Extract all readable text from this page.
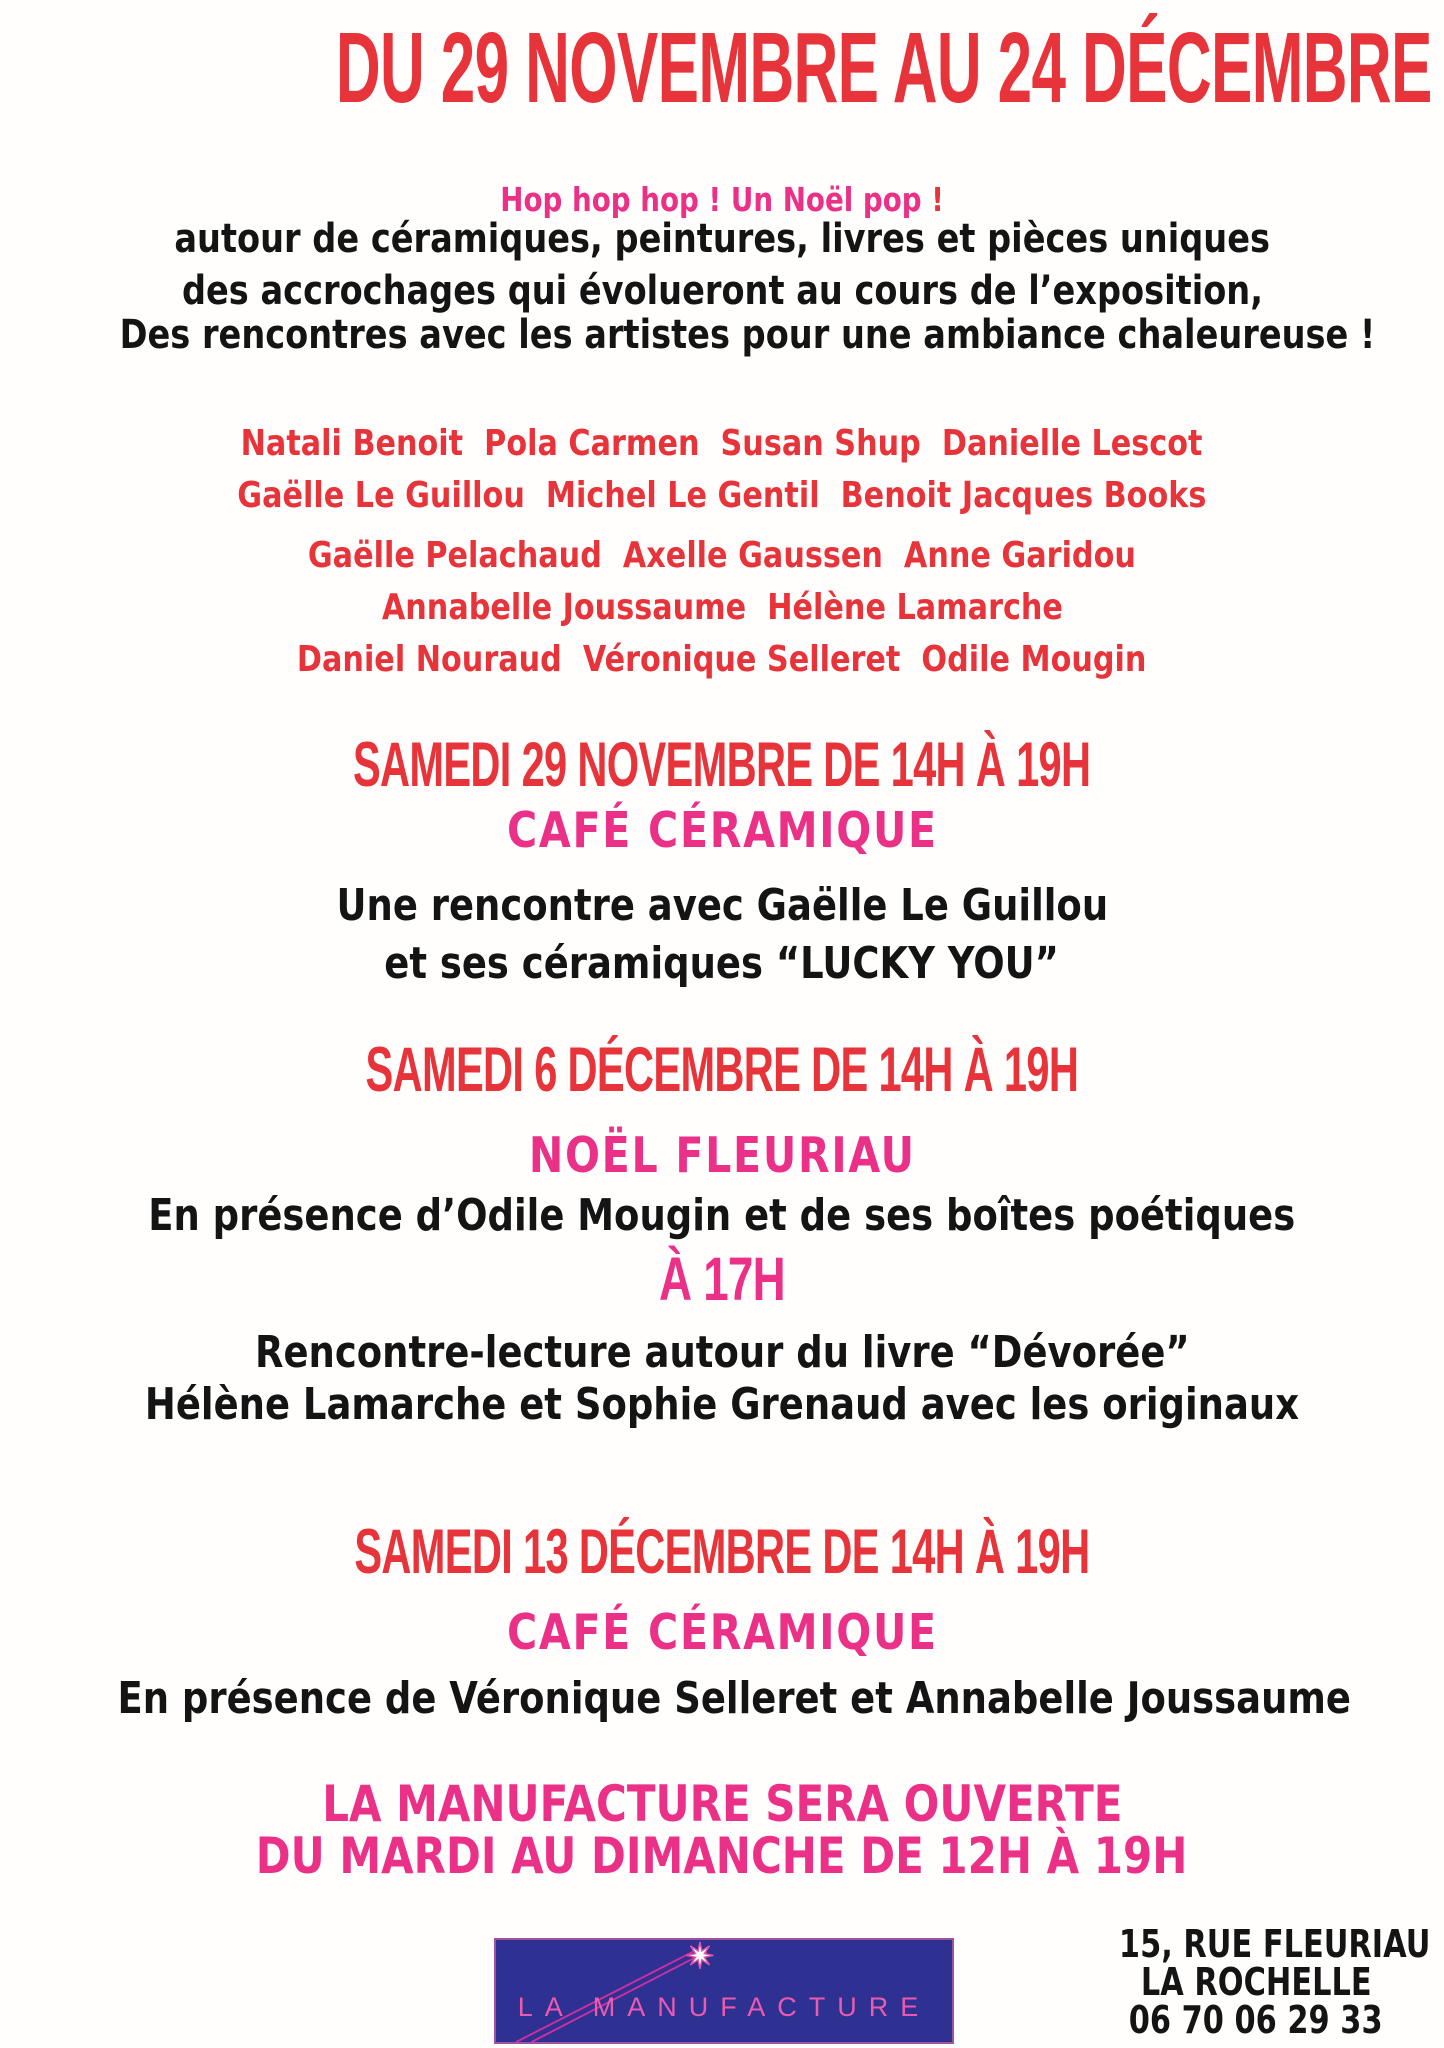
DU 29 NOVEMBRE AU 24 DÉCEMBRE
Hop hop hop ! Un Noël pop !
autour de céramiques, peintures, livres et pièces uniques
des accrochages qui évolueront au cours de l’exposition,
Des rencontres avec les artistes pour une ambiance chaleureuse !
Natali Benoit  Pola Carmen  Susan Shup  Danielle Lescot
Gaëlle Le Guillou  Michel Le Gentil  Benoit Jacques Books
Gaëlle Pelachaud  Axelle Gaussen  Anne Garidou
Annabelle Joussaume  Hélène Lamarche
Daniel Nouraud  Véronique Selleret  Odile Mougin
SAMEDI 29 NOVEMBRE DE 14H À 19H
CAFÉ CÉRAMIQUE
Une rencontre avec Gaëlle Le Guillou
et ses céramiques “LUCKY YOU”
SAMEDI 6 DÉCEMBRE DE 14H À 19H
NOËL FLEURIAU
En présence d’Odile Mougin et de ses boîtes poétiques
À 17H
Rencontre-lecture autour du livre “Dévorée”
Hélène Lamarche et Sophie Grenaud avec les originaux
SAMEDI 13 DÉCEMBRE DE 14H À 19H
CAFÉ CÉRAMIQUE
En présence de Véronique Selleret et Annabelle Joussaume
LA MANUFACTURE SERA OUVERTE
DU MARDI AU DIMANCHE DE 12H À 19H
LA MANUFACTURE
15, RUE FLEURIAU
LA ROCHELLE
06 70 06 29 33
